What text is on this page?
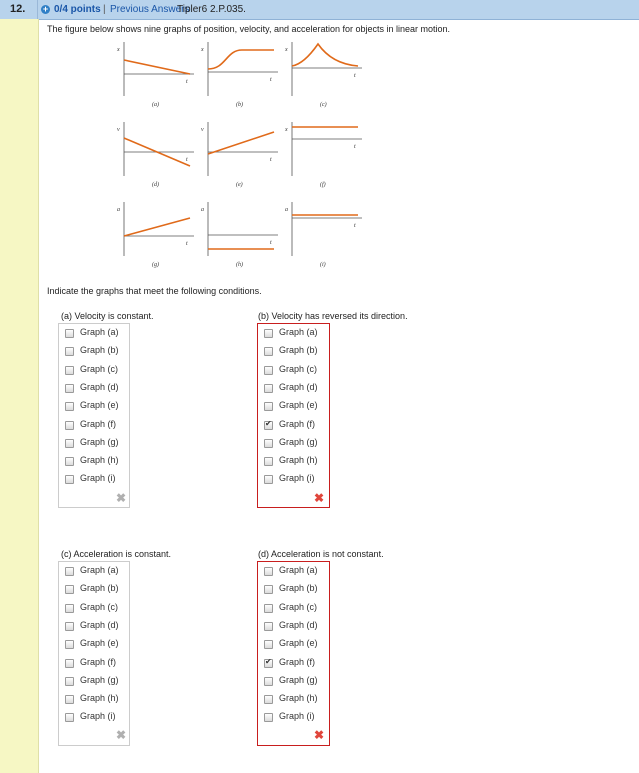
12.	+ 0/4 points | Previous Answers
Tipler6 2.P.035.
The figure below shows nine graphs of position, velocity, and acceleration for objects in linear motion.
x
t
(a)
x
t
(b)
x
t
(c)
v
t
(d)
v
t
(e)
x
t
(f)
a
t
(g)
a
t
(h)
a
t
(i)
Indicate the graphs that meet the following conditions.
(a) Velocity is constant.
Graph (a)
Graph (b)
Graph (c)
Graph (d)
Graph (e)
Graph (f)
Graph (g)
Graph (h)
Graph (i)
✖
(b) Velocity has reversed its direction.
Graph (a)
Graph (b)
Graph (c)
Graph (d)
Graph (e)
✔
Graph (f)
Graph (g)
Graph (h)
Graph (i)
✖
(c) Acceleration is constant.
Graph (a)
Graph (b)
Graph (c)
Graph (d)
Graph (e)
Graph (f)
Graph (g)
Graph (h)
Graph (i)
✖
(d) Acceleration is not constant.
Graph (a)
Graph (b)
Graph (c)
Graph (d)
Graph (e)
✔
Graph (f)
Graph (g)
Graph (h)
Graph (i)
✖
